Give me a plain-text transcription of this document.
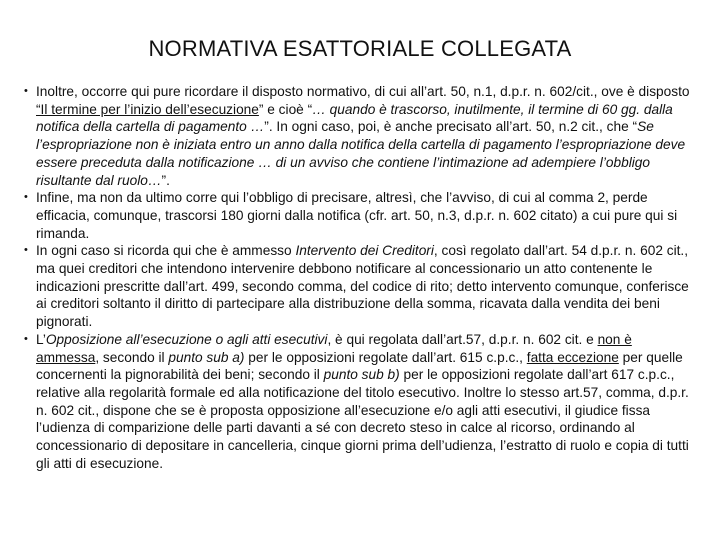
NORMATIVA ESATTORIALE COLLEGATA
• Inoltre, occorre qui pure ricordare il disposto normativo, di cui all’art. 50, n.1, d.p.r. n. 602/cit., ove è disposto “Il termine per l’inizio dell’esecuzione” e cioè “… quando è trascorso, inutilmente, il termine di 60 gg. dalla notifica della cartella di pagamento …”. In ogni caso, poi, è anche precisato all’art. 50, n.2 cit., che “Se l’espropriazione non è iniziata entro un anno dalla notifica della cartella di pagamento l’espropriazione deve essere preceduta dalla notificazione … di un avviso che contiene l’intimazione ad adempiere l’obbligo risultante dal ruolo…”.
• Infine, ma non da ultimo corre qui l’obbligo di precisare, altresì, che l’avviso, di cui al comma 2, perde efficacia, comunque, trascorsi 180 giorni dalla notifica (cfr. art. 50, n.3, d.p.r. n. 602 citato) a cui pure qui si rimanda.
• In ogni caso si ricorda qui che è ammesso Intervento dei Creditori, così regolato dall’art. 54 d.p.r. n. 602 cit., ma quei creditori che intendono intervenire debbono notificare al concessionario un atto contenente le indicazioni prescritte dall’art. 499, secondo comma, del codice di rito; detto intervento comunque, conferisce ai creditori soltanto il diritto di partecipare alla distribuzione della somma, ricavata dalla vendita dei beni pignorati.
• L’Opposizione all’esecuzione o agli atti esecutivi, è qui regolata dall’art.57, d.p.r. n. 602 cit. e non è ammessa, secondo il punto sub a) per le opposizioni regolate dall’art. 615 c.p.c., fatta eccezione per quelle concernenti la pignorabilità dei beni; secondo il punto sub b) per le opposizioni regolate dall’art 617 c.p.c., relative alla regolarità formale ed alla notificazione del titolo esecutivo. Inoltre lo stesso art.57, comma, d.p.r. n. 602 cit., dispone che se è proposta opposizione all’esecuzione e/o agli atti esecutivi, il giudice fissa l’udienza di comparizione delle parti davanti a sé con decreto steso in calce al ricorso, ordinando al concessionario di depositare in cancelleria, cinque giorni prima dell’udienza, l’estratto di ruolo e copia di tutti gli atti di esecuzione.
